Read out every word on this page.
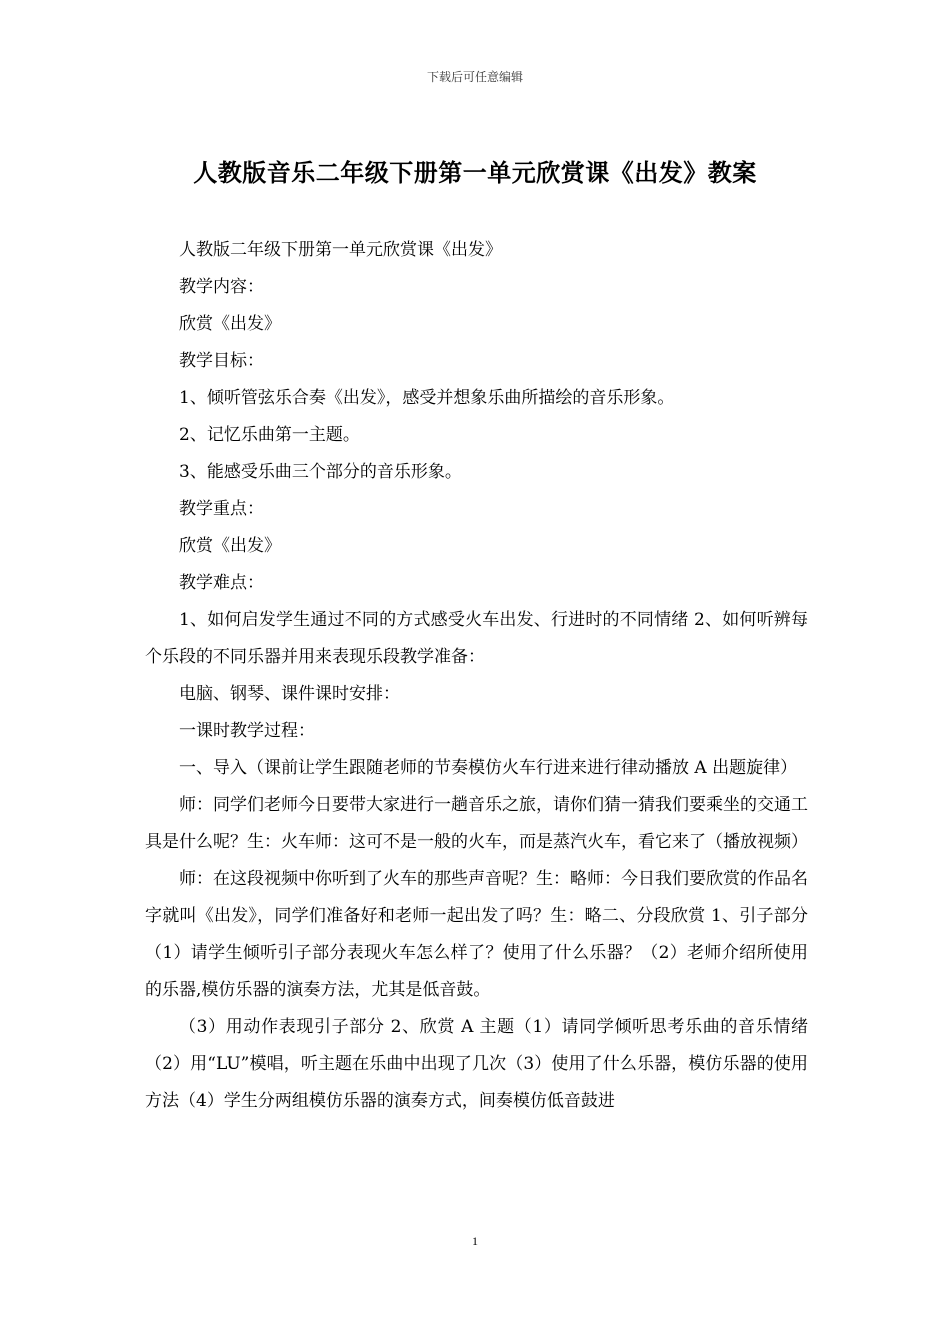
下载后可任意编辑
人教版音乐二年级下册第一单元欣赏课《出发》教案

人教版二年级下册第一单元欣赏课《出发》

教学内容：

欣赏《出发》

教学目标：

1、倾听管弦乐合奏《出发》，感受并想象乐曲所描绘的音乐形象。

2、记忆乐曲第一主题。

3、能感受乐曲三个部分的音乐形象。

教学重点：

欣赏《出发》

教学难点：

1、如何启发学生通过不同的方式感受火车出发、行进时的不同情绪 2、如何听辨每个乐段的不同乐器并用来表现乐段教学准备：

电脑、钢琴、课件课时安排：

一课时教学过程：

一、导入（课前让学生跟随老师的节奏模仿火车行进来进行律动播放 A 出题旋律）

师：同学们老师今日要带大家进行一趟音乐之旅，请你们猜一猜我们要乘坐的交通工具是什么呢？生：火车师：这可不是一般的火车，而是蒸汽火车，看它来了（播放视频）

师：在这段视频中你听到了火车的那些声音呢？生：略师：今日我们要欣赏的作品名字就叫《出发》，同学们准备好和老师一起出发了吗？生：略二、分段欣赏 1、引子部分（1）请学生倾听引子部分表现火车怎么样了？使用了什么乐器？（2）老师介绍所使用的乐器,模仿乐器的演奏方法，尤其是低音鼓。

（3）用动作表现引子部分 2、欣赏 A 主题（1）请同学倾听思考乐曲的音乐情绪（2）用“LU”模唱，听主题在乐曲中出现了几次（3）使用了什么乐器，模仿乐器的使用方法（4）学生分两组模仿乐器的演奏方式，间奏模仿低音鼓进

1
